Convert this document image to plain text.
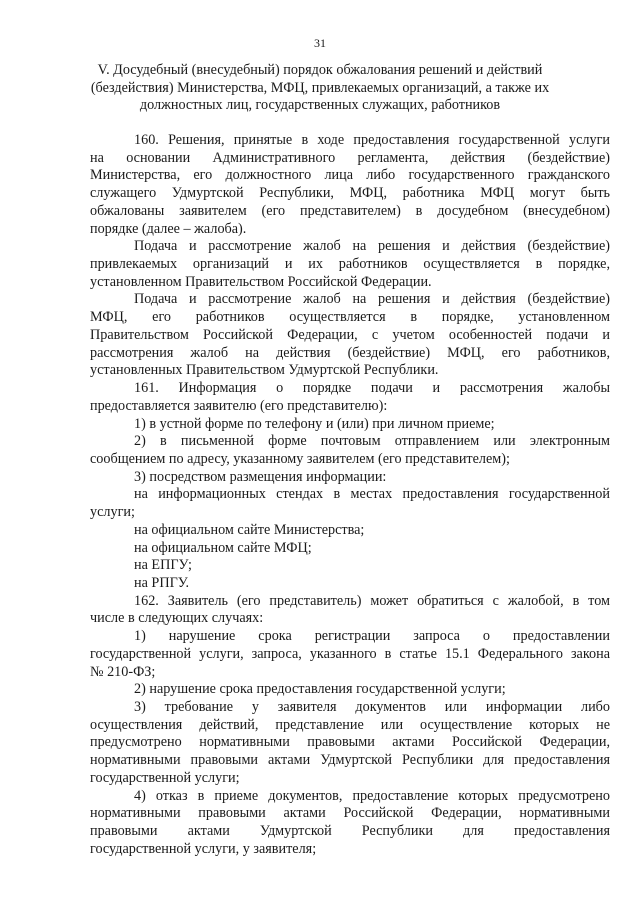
31
V. Досудебный (внесудебный) порядок обжалования решений и действий
(бездействия) Министерства, МФЦ, привлекаемых организаций, а также их
должностных лиц, государственных служащих, работников
160. Решения, принятые в ходе предоставления государственной услуги
на основании Административного регламента, действия (бездействие)
Министерства, его должностного лица либо государственного гражданского
служащего Удмуртской Республики, МФЦ, работника МФЦ могут быть
обжалованы заявителем (его представителем) в досудебном (внесудебном)
порядке (далее – жалоба).
Подача и рассмотрение жалоб на решения и действия (бездействие)
привлекаемых организаций и их работников осуществляется в порядке,
установленном Правительством Российской Федерации.
Подача и рассмотрение жалоб на решения и действия (бездействие)
МФЦ, его работников осуществляется в порядке, установленном
Правительством Российской Федерации, с учетом особенностей подачи и
рассмотрения жалоб на действия (бездействие) МФЦ, его работников,
установленных Правительством Удмуртской Республики.
161. Информация о порядке подачи и рассмотрения жалобы
предоставляется заявителю (его представителю):
1) в устной форме по телефону и (или) при личном приеме;
2) в письменной форме почтовым отправлением или электронным
сообщением по адресу, указанному заявителем (его представителем);
3) посредством размещения информации:
на информационных стендах в местах предоставления государственной
услуги;
на официальном сайте Министерства;
на официальном сайте МФЦ;
на ЕПГУ;
на РПГУ.
162. Заявитель (его представитель) может обратиться с жалобой, в том
числе в следующих случаях:
1) нарушение срока регистрации запроса о предоставлении
государственной услуги, запроса, указанного в статье 15.1 Федерального закона
№ 210-ФЗ;
2) нарушение срока предоставления государственной услуги;
3) требование у заявителя документов или информации либо
осуществления действий, представление или осуществление которых не
предусмотрено нормативными правовыми актами Российской Федерации,
нормативными правовыми актами Удмуртской Республики для предоставления
государственной услуги;
4) отказ в приеме документов, предоставление которых предусмотрено
нормативными правовыми актами Российской Федерации, нормативными
правовыми актами Удмуртской Республики для предоставления
государственной услуги, у заявителя;
